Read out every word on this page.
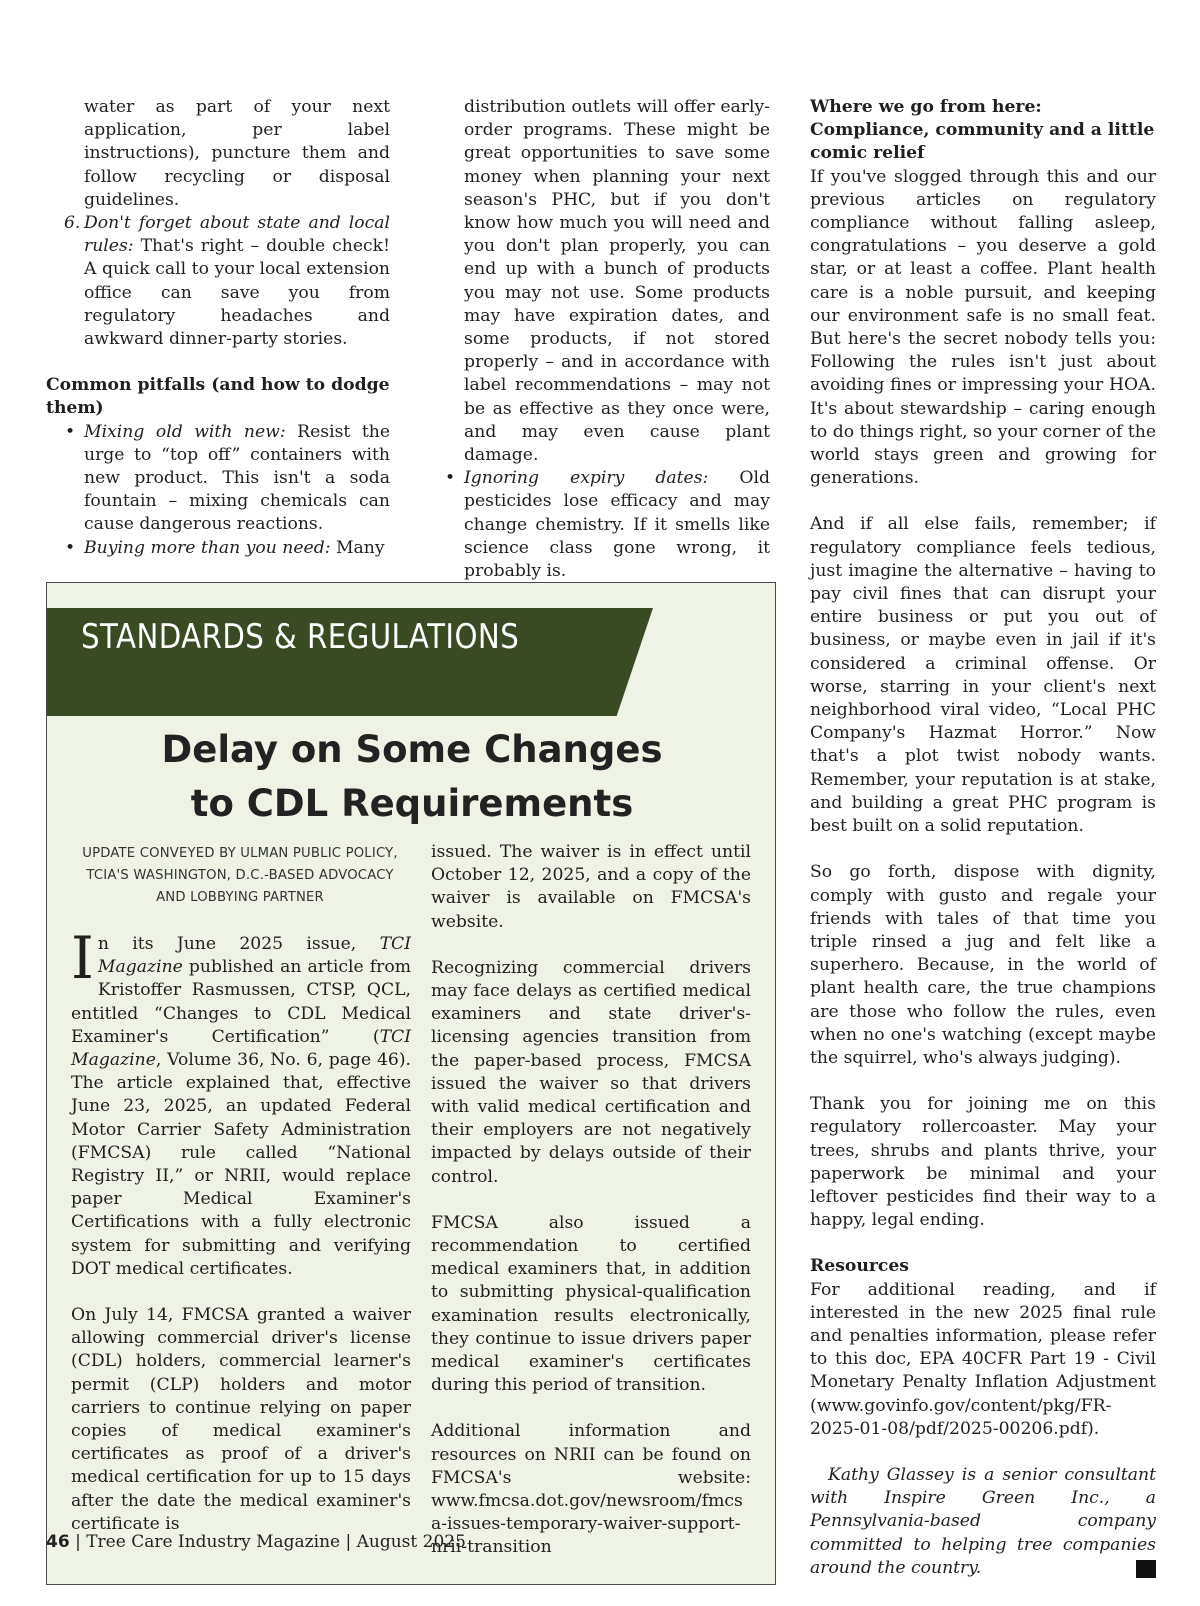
water as part of your next application, per label instructions), puncture them and follow recycling or disposal guidelines.

6. Don't forget about state and local rules: That's right – double check! A quick call to your local extension office can save you from regulatory headaches and awkward dinner-party stories.

Common pitfalls (and how to dodge them)

• Mixing old with new: Resist the urge to “top off” containers with new product. This isn't a soda fountain – mixing chemicals can cause dangerous reactions.
• Buying more than you need: Many

distribution outlets will offer early-order programs. These might be great opportunities to save some money when planning your next season's PHC, but if you don't know how much you will need and you don't plan properly, you can end up with a bunch of products you may not use. Some products may have expiration dates, and some products, if not stored properly – and in accordance with label recommendations – may not be as effective as they once were, and may even cause plant damage.

• Ignoring expiry dates: Old pesticides lose efficacy and may change chemistry. If it smells like science class gone wrong, it probably is.

Where we go from here: Compliance, community and a little comic relief

If you've slogged through this and our previous articles on regulatory compliance without falling asleep, congratulations – you deserve a gold star, or at least a coffee. Plant health care is a noble pursuit, and keeping our environment safe is no small feat. But here's the secret nobody tells you: Following the rules isn't just about avoiding fines or impressing your HOA. It's about stewardship – caring enough to do things right, so your corner of the world stays green and growing for generations.

And if all else fails, remember; if regulatory compliance feels tedious, just imagine the alternative – having to pay civil fines that can disrupt your entire business or put you out of business, or maybe even in jail if it's considered a criminal offense. Or worse, starring in your client's next neighborhood viral video, “Local PHC Company's Hazmat Horror.” Now that's a plot twist nobody wants. Remember, your reputation is at stake, and building a great PHC program is best built on a solid reputation.

So go forth, dispose with dignity, comply with gusto and regale your friends with tales of that time you triple rinsed a jug and felt like a superhero. Because, in the world of plant health care, the true champions are those who follow the rules, even when no one's watching (except maybe the squirrel, who's always judging).

Thank you for joining me on this regulatory rollercoaster. May your trees, shrubs and plants thrive, your paperwork be minimal and your leftover pesticides find their way to a happy, legal ending.

Resources

For additional reading, and if interested in the new 2025 final rule and penalties information, please refer to this doc, EPA 40CFR Part 19 - Civil Monetary Penalty Inflation Adjustment (www.govinfo.gov/content/pkg/FR-2025-01-08/pdf/2025-00206.pdf).

Kathy Glassey is a senior consultant with Inspire Green Inc., a Pennsylvania-based company committed to helping tree companies around the country.

STANDARDS & REGULATIONS
Delay on Some Changes
to CDL Requirements
UPDATE CONVEYED BY ULMAN PUBLIC POLICY,
TCIA'S WASHINGTON, D.C.-BASED ADVOCACY
AND LOBBYING PARTNER

In its June 2025 issue, TCI Magazine published an article from Kristoffer Rasmussen, CTSP, QCL, entitled “Changes to CDL Medical Examiner's Certification” (TCI Magazine, Volume 36, No. 6, page 46). The article explained that, effective June 23, 2025, an updated Federal Motor Carrier Safety Administration (FMCSA) rule called “National Registry II,” or NRII, would replace paper Medical Examiner's Certifications with a fully electronic system for submitting and verifying DOT medical certificates.

On July 14, FMCSA granted a waiver allowing commercial driver's license (CDL) holders, commercial learner's permit (CLP) holders and motor carriers to continue relying on paper copies of medical examiner's certificates as proof of a driver's medical certification for up to 15 days after the date the medical examiner's certificate is

issued. The waiver is in effect until October 12, 2025, and a copy of the waiver is available on FMCSA's website.

Recognizing commercial drivers may face delays as certified medical examiners and state driver's-licensing agencies transition from the paper-based process, FMCSA issued the waiver so that drivers with valid medical certification and their employers are not negatively impacted by delays outside of their control.

FMCSA also issued a recommendation to certified medical examiners that, in addition to submitting physical-qualification examination results electronically, they continue to issue drivers paper medical examiner's certificates during this period of transition.

Additional information and resources on NRII can be found on FMCSA's website: www.fmcsa.dot.gov/newsroom/fmcsa-issues-temporary-waiver-support-nrii-transition

46 | Tree Care Industry Magazine | August 2025
